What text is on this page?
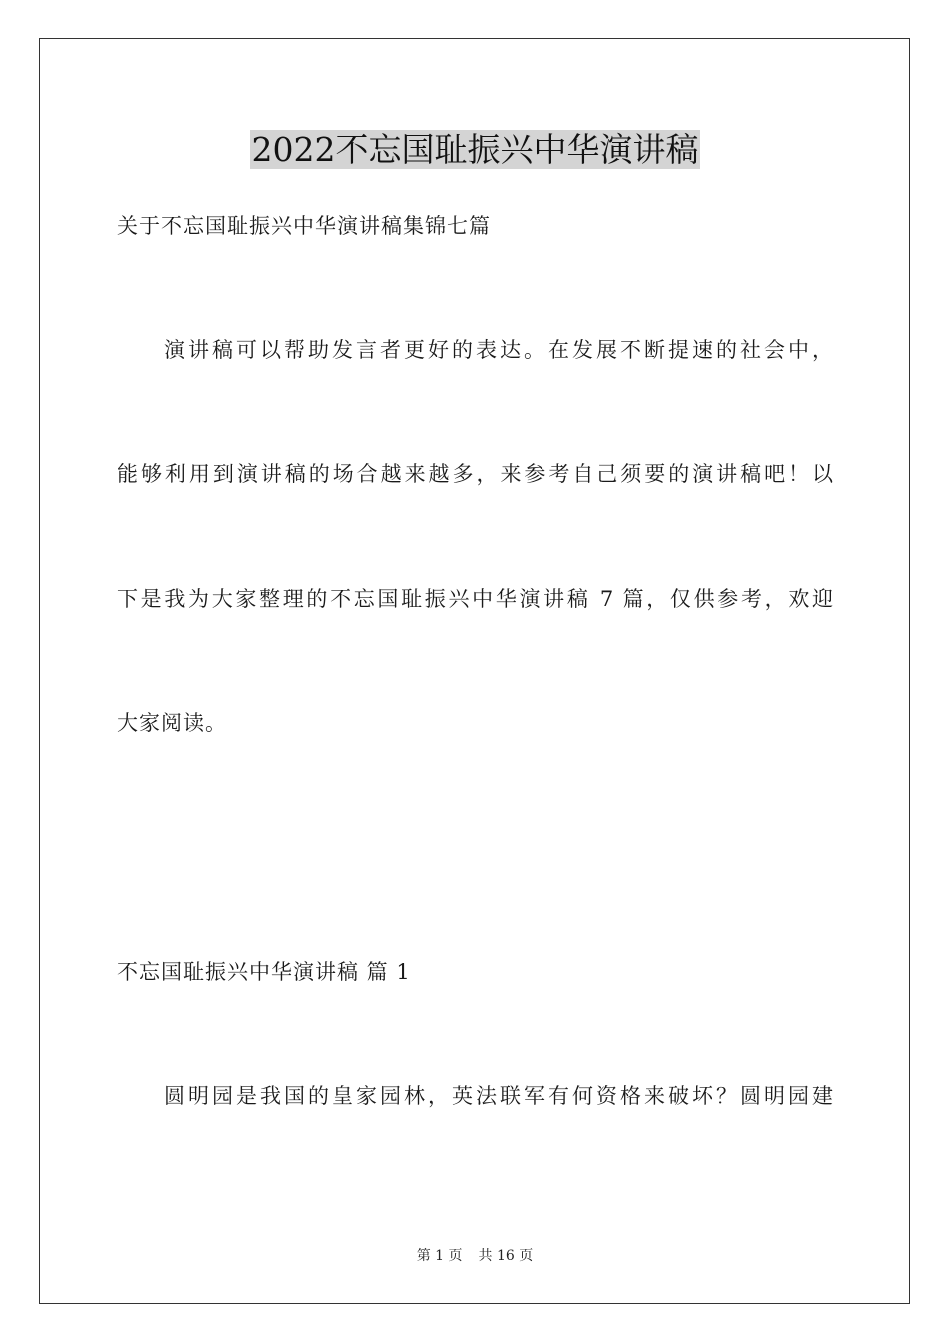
2022不忘国耻振兴中华演讲稿
关于不忘国耻振兴中华演讲稿集锦七篇
演讲稿可以帮助发言者更好的表达。在发展不断提速的社会中，
能够利用到演讲稿的场合越来越多，来参考自己须要的演讲稿吧！以
下是我为大家整理的不忘国耻振兴中华演讲稿 7 篇，仅供参考，欢迎
大家阅读。
不忘国耻振兴中华演讲稿 篇 1
圆明园是我国的皇家园林，英法联军有何资格来破坏？圆明园建
第 1 页 共 16 页
